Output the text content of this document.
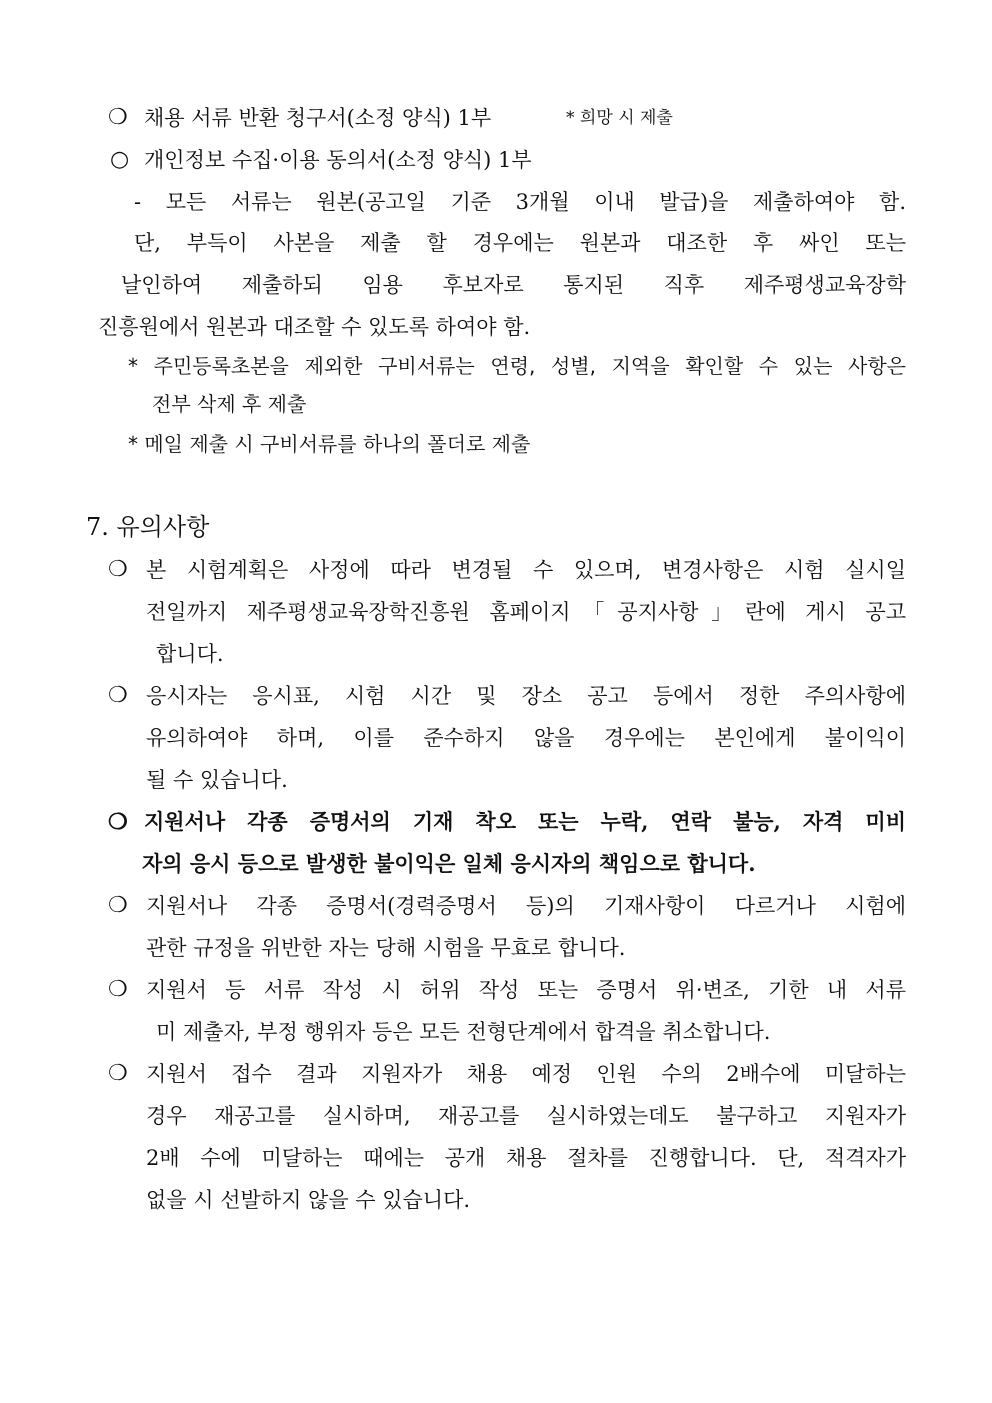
❍ 채용 서류 반환 청구서(소정 양식) 1부	* 희망 시 제출
○ 개인정보 수집·이용 동의서(소정 양식) 1부
- 모든 서류는 원본(공고일 기준 3개월 이내 발급)을 제출하여야 함.
단, 부득이 사본을 제출 할 경우에는 원본과 대조한 후 싸인 또는
날인하여 제출하되 임용 후보자로 통지된 직후 제주평생교육장학
진흥원에서 원본과 대조할 수 있도록 하여야 함.
* 주민등록초본을 제외한 구비서류는 연령, 성별, 지역을 확인할 수 있는 사항은
전부 삭제 후 제출
* 메일 제출 시 구비서류를 하나의 폴더로 제출
7. 유의사항
❍ 본 시험계획은 사정에 따라 변경될 수 있으며, 변경사항은 시험 실시일
전일까지 제주평생교육장학진흥원 홈페이지「공지사항」란에 게시 공고
합니다.
❍ 응시자는 응시표, 시험 시간 및 장소 공고 등에서 정한 주의사항에
유의하여야 하며, 이를 준수하지 않을 경우에는 본인에게 불이익이
될 수 있습니다.
❍ 지원서나 각종 증명서의 기재 착오 또는 누락, 연락 불능, 자격 미비
자의 응시 등으로 발생한 불이익은 일체 응시자의 책임으로 합니다.
❍ 지원서나 각종 증명서(경력증명서 등)의 기재사항이 다르거나 시험에
관한 규정을 위반한 자는 당해 시험을 무효로 합니다.
❍ 지원서 등 서류 작성 시 허위 작성 또는 증명서 위·변조, 기한 내 서류
미 제출자, 부정 행위자 등은 모든 전형단계에서 합격을 취소합니다.
❍ 지원서 접수 결과 지원자가 채용 예정 인원 수의 2배수에 미달하는
경우 재공고를 실시하며, 재공고를 실시하였는데도 불구하고 지원자가
2배 수에 미달하는 때에는 공개 채용 절차를 진행합니다. 단, 적격자가
없을 시 선발하지 않을 수 있습니다.
